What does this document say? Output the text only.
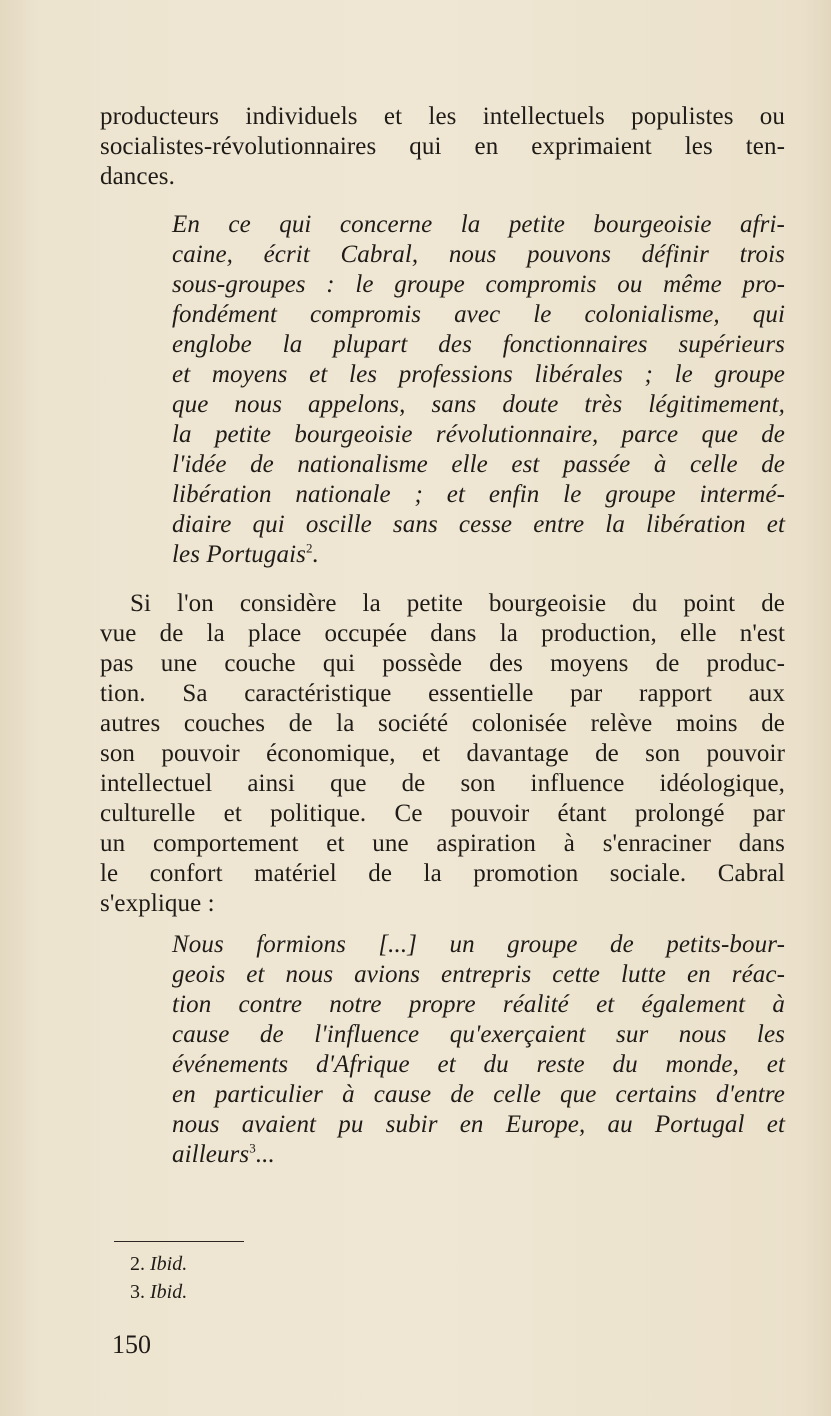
producteurs individuels et les intellectuels populistes ou
socialistes-révolutionnaires qui en exprimaient les ten-
dances.
En ce qui concerne la petite bourgeoisie afri-
caine, écrit Cabral, nous pouvons définir trois
sous-groupes : le groupe compromis ou même pro-
fondément compromis avec le colonialisme, qui
englobe la plupart des fonctionnaires supérieurs
et moyens et les professions libérales ; le groupe
que nous appelons, sans doute très légitimement,
la petite bourgeoisie révolutionnaire, parce que de
l'idée de nationalisme elle est passée à celle de
libération nationale ; et enfin le groupe intermé-
diaire qui oscille sans cesse entre la libération et
les Portugais$^2$.
Si l'on considère la petite bourgeoisie du point de
vue de la place occupée dans la production, elle n'est
pas une couche qui possède des moyens de produc-
tion. Sa caractéristique essentielle par rapport aux
autres couches de la société colonisée relève moins de
son pouvoir économique, et davantage de son pouvoir
intellectuel ainsi que de son influence idéologique,
culturelle et politique. Ce pouvoir étant prolongé par
un comportement et une aspiration à s'enraciner dans
le confort matériel de la promotion sociale. Cabral
s'explique :
Nous formions [...] un groupe de petits-bour-
geois et nous avions entrepris cette lutte en réac-
tion contre notre propre réalité et également à
cause de l'influence qu'exerçaient sur nous les
événements d'Afrique et du reste du monde, et
en particulier à cause de celle que certains d'entre
nous avaient pu subir en Europe, au Portugal et
ailleurs$^3$...
2. Ibid.
3. Ibid.
150
